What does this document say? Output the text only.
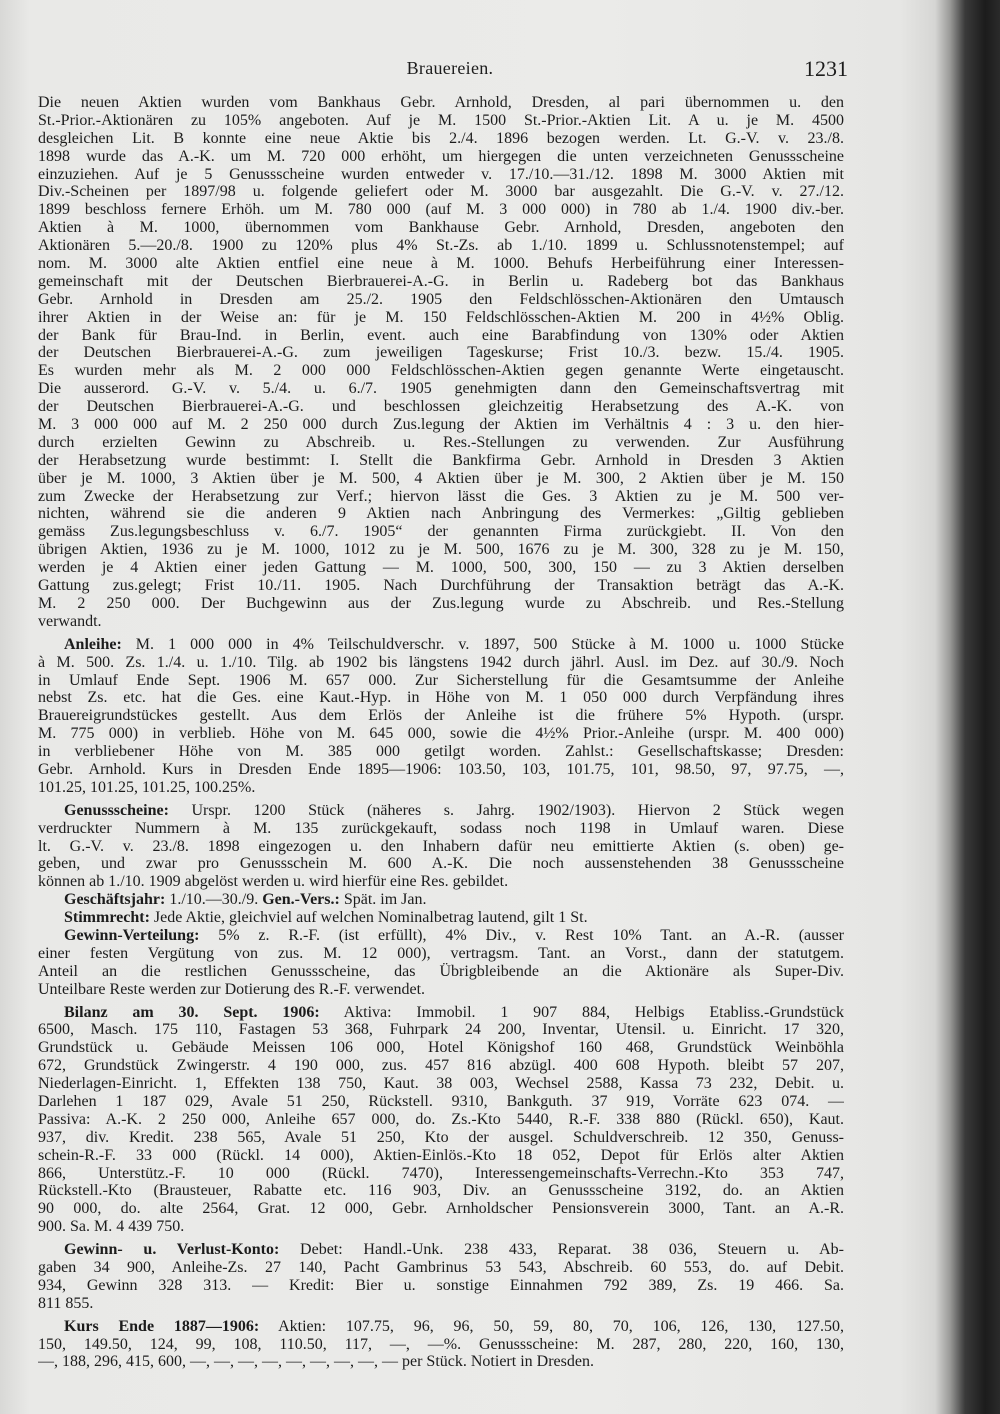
Brauereien.	1231
Die neuen Aktien wurden vom Bankhaus Gebr. Arnhold, Dresden, al pari übernommen u. den
St.-Prior.-Aktionären zu 105% angeboten. Auf je M. 1500 St.-Prior.-Aktien Lit. A u. je M. 4500
desgleichen Lit. B konnte eine neue Aktie bis 2./4. 1896 bezogen werden. Lt. G.-V. v. 23./8.
1898 wurde das A.-K. um M. 720 000 erhöht, um hiergegen die unten verzeichneten Genussscheine
einzuziehen. Auf je 5 Genussscheine wurden entweder v. 17./10.—31./12. 1898 M. 3000 Aktien mit
Div.-Scheinen per 1897/98 u. folgende geliefert oder M. 3000 bar ausgezahlt. Die G.-V. v. 27./12.
1899 beschloss fernere Erhöh. um M. 780 000 (auf M. 3 000 000) in 780 ab 1./4. 1900 div.-ber.
Aktien à M. 1000, übernommen vom Bankhause Gebr. Arnhold, Dresden, angeboten den
Aktionären 5.—20./8. 1900 zu 120% plus 4% St.-Zs. ab 1./10. 1899 u. Schlussnotenstempel; auf
nom. M. 3000 alte Aktien entfiel eine neue à M. 1000. Behufs Herbeiführung einer Interessen-
gemeinschaft mit der Deutschen Bierbrauerei-A.-G. in Berlin u. Radeberg bot das Bankhaus
Gebr. Arnhold in Dresden am 25./2. 1905 den Feldschlösschen-Aktionären den Umtausch
ihrer Aktien in der Weise an: für je M. 150 Feldschlösschen-Aktien M. 200 in 4½% Oblig.
der Bank für Brau-Ind. in Berlin, event. auch eine Barabfindung von 130% oder Aktien
der Deutschen Bierbrauerei-A.-G. zum jeweiligen Tageskurse; Frist 10./3. bezw. 15./4. 1905.
Es wurden mehr als M. 2 000 000 Feldschlösschen-Aktien gegen genannte Werte eingetauscht.
Die ausserord. G.-V. v. 5./4. u. 6./7. 1905 genehmigten dann den Gemeinschaftsvertrag mit
der Deutschen Bierbrauerei-A.-G. und beschlossen gleichzeitig Herabsetzung des A.-K. von
M. 3 000 000 auf M. 2 250 000 durch Zus.legung der Aktien im Verhältnis 4 : 3 u. den hier-
durch erzielten Gewinn zu Abschreib. u. Res.-Stellungen zu verwenden. Zur Ausführung
der Herabsetzung wurde bestimmt: I. Stellt die Bankfirma Gebr. Arnhold in Dresden 3 Aktien
über je M. 1000, 3 Aktien über je M. 500, 4 Aktien über je M. 300, 2 Aktien über je M. 150
zum Zwecke der Herabsetzung zur Verf.; hiervon lässt die Ges. 3 Aktien zu je M. 500 ver-
nichten, während sie die anderen 9 Aktien nach Anbringung des Vermerkes: „Giltig geblieben
gemäss Zus.legungsbeschluss v. 6./7. 1905“ der genannten Firma zurückgiebt. II. Von den
übrigen Aktien, 1936 zu je M. 1000, 1012 zu je M. 500, 1676 zu je M. 300, 328 zu je M. 150,
werden je 4 Aktien einer jeden Gattung — M. 1000, 500, 300, 150 — zu 3 Aktien derselben
Gattung zus.gelegt; Frist 10./11. 1905. Nach Durchführung der Transaktion beträgt das A.-K.
M. 2 250 000. Der Buchgewinn aus der Zus.legung wurde zu Abschreib. und Res.-Stellung
verwandt.
Anleihe: M. 1 000 000 in 4% Teilschuldverschr. v. 1897, 500 Stücke à M. 1000 u. 1000 Stücke
à M. 500. Zs. 1./4. u. 1./10. Tilg. ab 1902 bis längstens 1942 durch jährl. Ausl. im Dez. auf 30./9. Noch
in Umlauf Ende Sept. 1906 M. 657 000. Zur Sicherstellung für die Gesamtsumme der Anleihe
nebst Zs. etc. hat die Ges. eine Kaut.-Hyp. in Höhe von M. 1 050 000 durch Verpfändung ihres
Brauereigrundstückes gestellt. Aus dem Erlös der Anleihe ist die frühere 5% Hypoth. (urspr.
M. 775 000) in verblieb. Höhe von M. 645 000, sowie die 4½% Prior.-Anleihe (urspr. M. 400 000)
in verbliebener Höhe von M. 385 000 getilgt worden. Zahlst.: Gesellschaftskasse; Dresden:
Gebr. Arnhold. Kurs in Dresden Ende 1895—1906: 103.50, 103, 101.75, 101, 98.50, 97, 97.75, —,
101.25, 101.25, 101.25, 100.25%.
Genussscheine: Urspr. 1200 Stück (näheres s. Jahrg. 1902/1903). Hiervon 2 Stück wegen
verdruckter Nummern à M. 135 zurückgekauft, sodass noch 1198 in Umlauf waren. Diese
lt. G.-V. v. 23./8. 1898 eingezogen u. den Inhabern dafür neu emittierte Aktien (s. oben) ge-
geben, und zwar pro Genussschein M. 600 A.-K. Die noch aussenstehenden 38 Genussscheine
können ab 1./10. 1909 abgelöst werden u. wird hierfür eine Res. gebildet.
Geschäftsjahr: 1./10.—30./9. Gen.-Vers.: Spät. im Jan.
Stimmrecht: Jede Aktie, gleichviel auf welchen Nominalbetrag lautend, gilt 1 St.
Gewinn-Verteilung: 5% z. R.-F. (ist erfüllt), 4% Div., v. Rest 10% Tant. an A.-R. (ausser
einer festen Vergütung von zus. M. 12 000), vertragsm. Tant. an Vorst., dann der statutgem.
Anteil an die restlichen Genussscheine, das Übrigbleibende an die Aktionäre als Super-Div.
Unteilbare Reste werden zur Dotierung des R.-F. verwendet.
Bilanz am 30. Sept. 1906: Aktiva: Immobil. 1 907 884, Helbigs Etabliss.-Grundstück
6500, Masch. 175 110, Fastagen 53 368, Fuhrpark 24 200, Inventar, Utensil. u. Einricht. 17 320,
Grundstück u. Gebäude Meissen 106 000, Hotel Königshof 160 468, Grundstück Weinböhla
672, Grundstück Zwingerstr. 4 190 000, zus. 457 816 abzügl. 400 608 Hypoth. bleibt 57 207,
Niederlagen-Einricht. 1, Effekten 138 750, Kaut. 38 003, Wechsel 2588, Kassa 73 232, Debit. u.
Darlehen 1 187 029, Avale 51 250, Rückstell. 9310, Bankguth. 37 919, Vorräte 623 074. —
Passiva: A.-K. 2 250 000, Anleihe 657 000, do. Zs.-Kto 5440, R.-F. 338 880 (Rückl. 650), Kaut.
937, div. Kredit. 238 565, Avale 51 250, Kto der ausgel. Schuldverschreib. 12 350, Genuss-
schein-R.-F. 33 000 (Rückl. 14 000), Aktien-Einlös.-Kto 18 052, Depot für Erlös alter Aktien
866, Unterstütz.-F. 10 000 (Rückl. 7470), Interessengemeinschafts-Verrechn.-Kto 353 747,
Rückstell.-Kto (Brausteuer, Rabatte etc. 116 903, Div. an Genussscheine 3192, do. an Aktien
90 000, do. alte 2564, Grat. 12 000, Gebr. Arnholdscher Pensionsverein 3000, Tant. an A.-R.
900. Sa. M. 4 439 750.
Gewinn- u. Verlust-Konto: Debet: Handl.-Unk. 238 433, Reparat. 38 036, Steuern u. Ab-
gaben 34 900, Anleihe-Zs. 27 140, Pacht Gambrinus 53 543, Abschreib. 60 553, do. auf Debit.
934, Gewinn 328 313. — Kredit: Bier u. sonstige Einnahmen 792 389, Zs. 19 466. Sa.
811 855.
Kurs Ende 1887—1906: Aktien: 107.75, 96, 96, 50, 59, 80, 70, 106, 126, 130, 127.50,
150, 149.50, 124, 99, 108, 110.50, 117, —, —%. Genussscheine: M. 287, 280, 220, 160, 130,
—, 188, 296, 415, 600, —, —, —, —, —, —, —, —, — per Stück. Notiert in Dresden.
